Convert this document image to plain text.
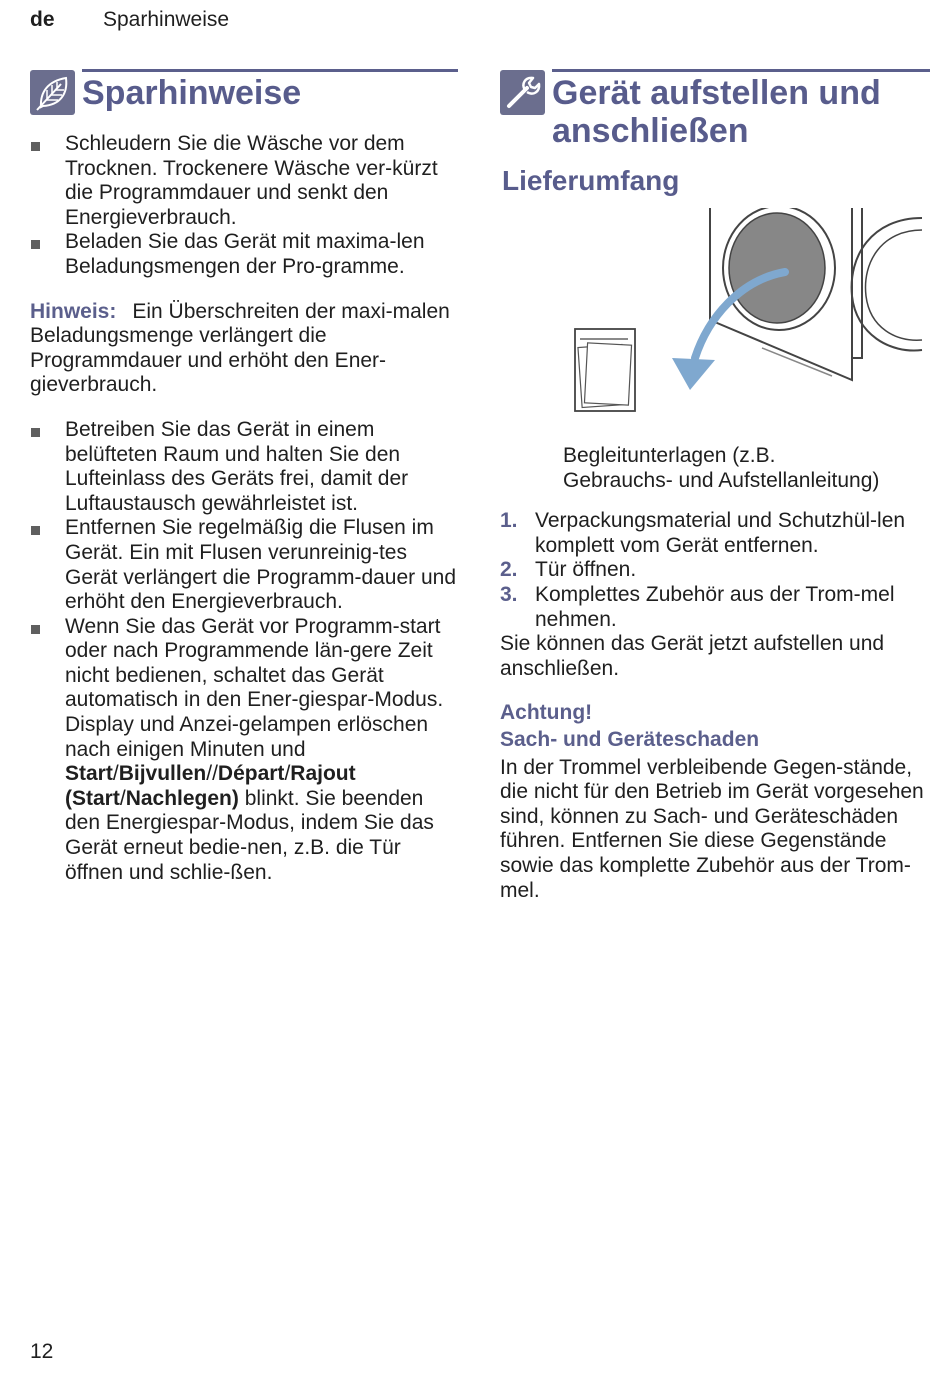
de Sparhinweise
Sparhinweise
Schleudern Sie die Wäsche vor dem Trocknen. Trockenere Wäsche ver-kürzt die Programmdauer und senkt den Energieverbrauch.
Beladen Sie das Gerät mit maxima-len Beladungsmengen der Pro-gramme.

Hinweis: Ein Überschreiten der maxi-malen Beladungsmenge verlängert die Programmdauer und erhöht den Ener-gieverbrauch.

Betreiben Sie das Gerät in einem belüfteten Raum und halten Sie den Lufteinlass des Geräts frei, damit der Luftaustausch gewährleistet ist.
Entfernen Sie regelmäßig die Flusen im Gerät. Ein mit Flusen verunreinig-tes Gerät verlängert die Programm-dauer und erhöht den Energieverbrauch.
Wenn Sie das Gerät vor Programm-start oder nach Programmende län-gere Zeit nicht bedienen, schaltet das Gerät automatisch in den Ener-giespar-Modus. Display und Anzei-gelampen erlöschen nach einigen Minuten und Start/Bijvullen//Départ/Rajout (Start/Nachlegen) blinkt. Sie beenden den Energiespar-Modus, indem Sie das Gerät erneut bedie-nen, z.B. die Tür öffnen und schlie-ßen.
Gerät aufstellen und
anschließen
Lieferumfang

Begleitunterlagen (z.B.
Gebrauchs- und Aufstellanleitung)

1. Verpackungsmaterial und Schutzhül-len komplett vom Gerät entfernen.
2. Tür öffnen.
3. Komplettes Zubehör aus der Trom-mel nehmen.

Sie können das Gerät jetzt aufstellen und anschließen.

Achtung!

Sach- und Geräteschaden

In der Trommel verbleibende Gegen-stände, die nicht für den Betrieb im Gerät vorgesehen sind, können zu Sach- und Geräteschäden führen. Entfernen Sie diese Gegenstände sowie das komplette Zubehör aus der Trom-mel.

12
